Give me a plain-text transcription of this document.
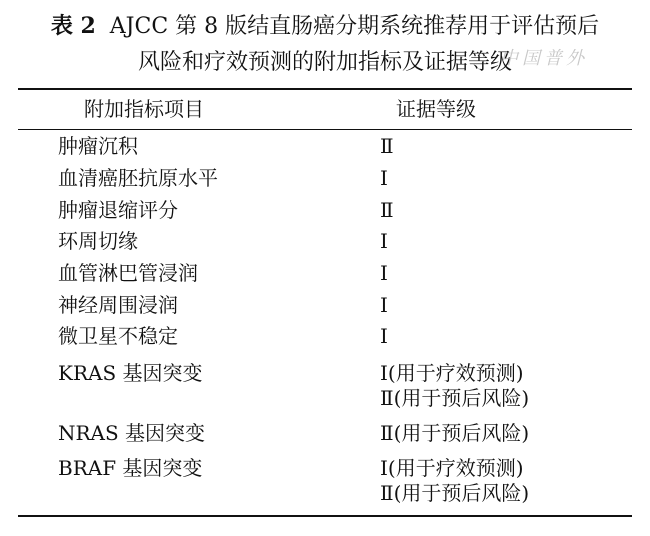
表 2 AJCC 第 8 版结直肠癌分期系统推荐用于评估预后
风险和疗效预测的附加指标及证据等级
中国普外
附加指标项目	证据等级
肿瘤沉积	Ⅱ
血清癌胚抗原水平	Ⅰ
肿瘤退缩评分	Ⅱ
环周切缘	Ⅰ
血管淋巴管浸润	Ⅰ
神经周围浸润	Ⅰ
微卫星不稳定	Ⅰ
KRAS 基因突变	Ⅰ(用于疗效预测)
Ⅱ(用于预后风险)
NRAS 基因突变	Ⅱ(用于预后风险)
BRAF 基因突变	Ⅰ(用于疗效预测)
Ⅱ(用于预后风险)
